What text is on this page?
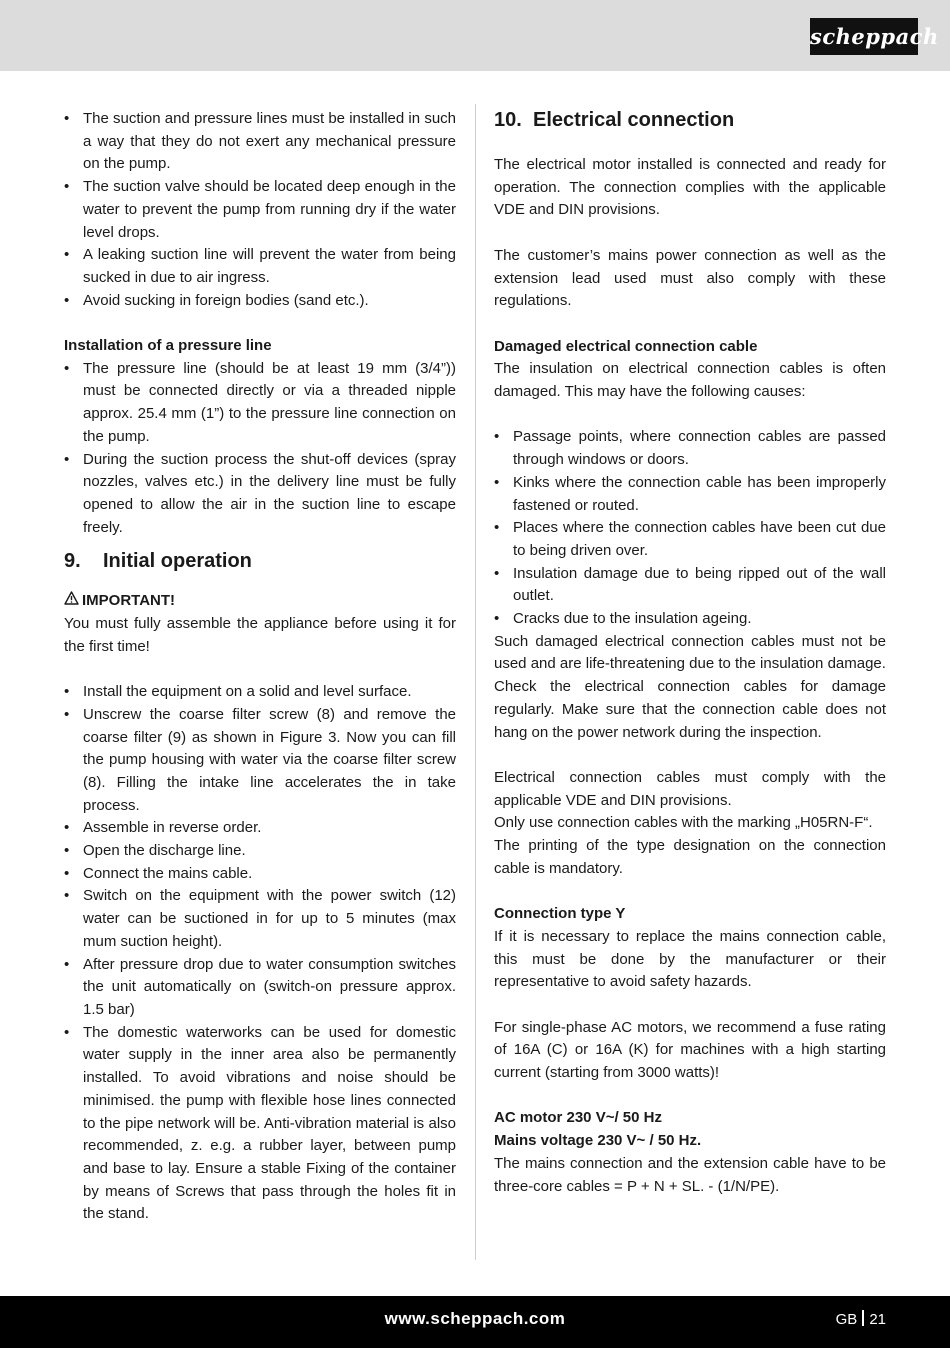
scheppach
• The suction and pressure lines must be installed in such a way that they do not exert any mechanical pressure on the pump.
• The suction valve should be located deep enough in the water to prevent the pump from running dry if the water level drops.
• A leaking suction line will prevent the water from being sucked in due to air ingress.
• Avoid sucking in foreign bodies (sand etc.).

Installation of a pressure line

• The pressure line (should be at least 19 mm (3/4”)) must be connected directly or via a threaded nipple approx. 25.4 mm (1”) to the pressure line connection on the pump.
• During the suction process the shut-off devices (spray nozzles, valves etc.) in the delivery line must be fully opened to allow the air in the suction line to escape freely.
9. Initial operation

IMPORTANT!

You must fully assemble the appliance before using it for the first time!

• Install the equipment on a solid and level surface.
• Unscrew the coarse filter screw (8) and remove the coarse filter (9) as shown in Figure 3. Now you can fill the pump housing with water via the coarse filter screw (8). Filling the intake line accelerates the in take process.
• Assemble in reverse order.
• Open the discharge line.
• Connect the mains cable.
• Switch on the equipment with the power switch (12) water can be suctioned in for up to 5 minutes (max mum suction height).
• After pressure drop due to water consumption switches the unit automatically on (switch-on pressure approx. 1.5 bar)
• The domestic waterworks can be used for domestic water supply in the inner area also be permanently installed. To avoid vibrations and noise should be minimised. the pump with flexible hose lines connected to the pipe network will be. Anti-vibration material is also recommended, z. e.g. a rubber layer, between pump and base to lay. Ensure a stable Fixing of the container by means of Screws that pass through the holes fit in the stand.
10. Electrical connection

The electrical motor installed is connected and ready for operation. The connection complies with the applicable VDE and DIN provisions.

The customer’s mains power connection as well as the extension lead used must also comply with these regulations.

Damaged electrical connection cable

The insulation on electrical connection cables is often damaged. This may have the following causes:

• Passage points, where connection cables are passed through windows or doors.
• Kinks where the connection cable has been improperly fastened or routed.
• Places where the connection cables have been cut due to being driven over.
• Insulation damage due to being ripped out of the wall outlet.
• Cracks due to the insulation ageing.

Such damaged electrical connection cables must not be used and are life-threatening due to the insulation damage.

Check the electrical connection cables for damage regularly. Make sure that the connection cable does not hang on the power network during the inspection.

Electrical connection cables must comply with the applicable VDE and DIN provisions.

Only use connection cables with the marking „H05RN-F“.

The printing of the type designation on the connection cable is mandatory.

Connection type Y

If it is necessary to replace the mains connection cable, this must be done by the manufacturer or their representative to avoid safety hazards.

For single-phase AC motors, we recommend a fuse rating of 16A (C) or 16A (K) for machines with a high starting current (starting from 3000 watts)!

AC motor 230 V~/ 50 Hz

Mains voltage 230 V~ / 50 Hz.

The mains connection and the extension cable have to be three-core cables = P + N + SL. - (1/N/PE).

www.scheppach.com	GB 21
